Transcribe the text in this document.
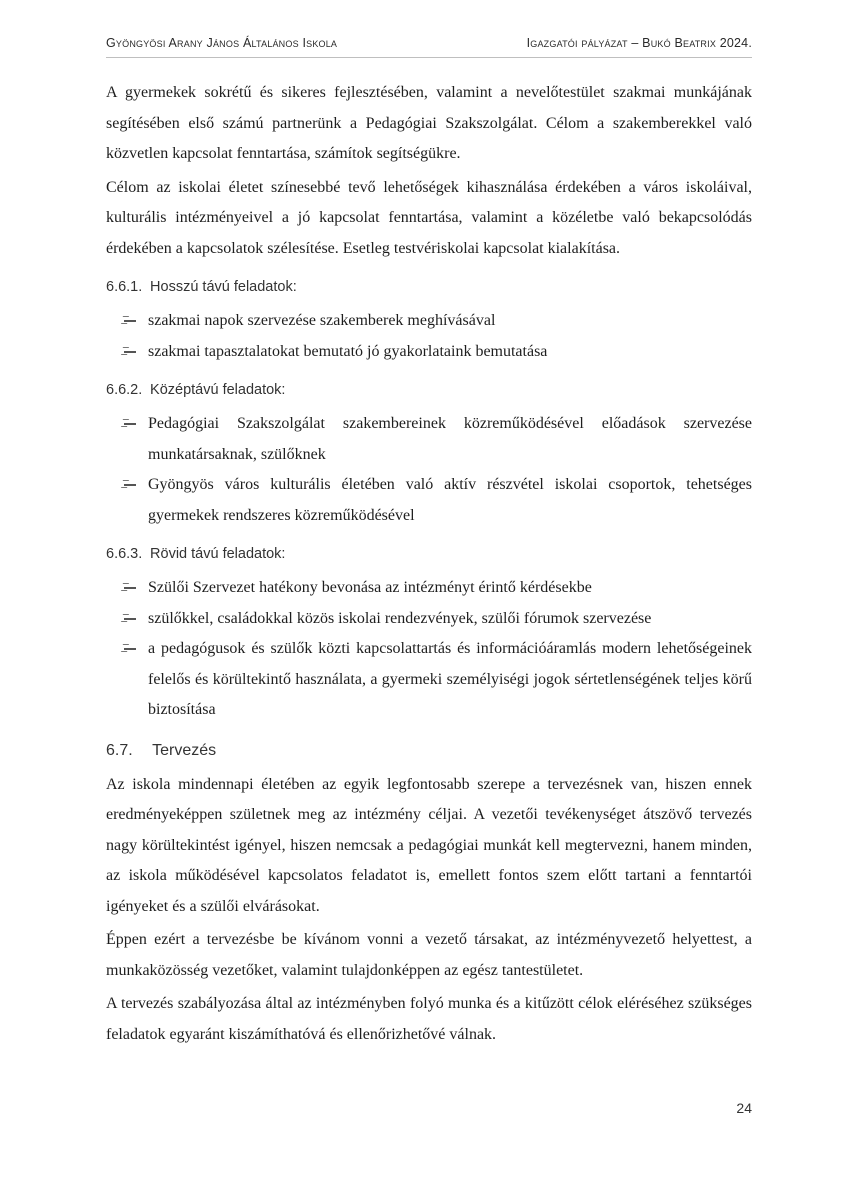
Gyöngyösi Arany János Általános Iskola	Igazgatói pályázat – Bukó Beatrix 2024.

A gyermekek sokrétű és sikeres fejlesztésében, valamint a nevelőtestület szakmai munkájának segítésében első számú partnerünk a Pedagógiai Szakszolgálat. Célom a szakemberekkel való közvetlen kapcsolat fenntartása, számítok segítségükre.

Célom az iskolai életet színesebbé tevő lehetőségek kihasználása érdekében a város iskoláival, kulturális intézményeivel a jó kapcsolat fenntartása, valamint a közéletbe való bekapcsolódás érdekében a kapcsolatok szélesítése. Esetleg testvériskolai kapcsolat kialakítása.

6.6.1. Hosszú távú feladatok:
szakmai napok szervezése szakemberek meghívásával
szakmai tapasztalatokat bemutató jó gyakorlataink bemutatása
6.6.2. Középtávú feladatok:
Pedagógiai Szakszolgálat szakembereinek közreműködésével előadások szervezése munkatársaknak, szülőknek
Gyöngyös város kulturális életében való aktív részvétel iskolai csoportok, tehetséges gyermekek rendszeres közreműködésével
6.6.3. Rövid távú feladatok:
Szülői Szervezet hatékony bevonása az intézményt érintő kérdésekbe
szülőkkel, családokkal közös iskolai rendezvények, szülői fórumok szervezése
a pedagógusok és szülők közti kapcsolattartás és információáramlás modern lehetőségeinek felelős és körültekintő használata, a gyermeki személyiségi jogok sértetlenségének teljes körű biztosítása
6.7. Tervezés

Az iskola mindennapi életében az egyik legfontosabb szerepe a tervezésnek van, hiszen ennek eredményeképpen születnek meg az intézmény céljai. A vezetői tevékenységet átszövő tervezés nagy körültekintést igényel, hiszen nemcsak a pedagógiai munkát kell megtervezni, hanem minden, az iskola működésével kapcsolatos feladatot is, emellett fontos szem előtt tartani a fenntartói igényeket és a szülői elvárásokat.

Éppen ezért a tervezésbe be kívánom vonni a vezető társakat, az intézményvezető helyettest, a munkaközösség vezetőket, valamint tulajdonképpen az egész tantestületet.

A tervezés szabályozása által az intézményben folyó munka és a kitűzött célok eléréséhez szükséges feladatok egyaránt kiszámíthatóvá és ellenőrizhetővé válnak.

24
